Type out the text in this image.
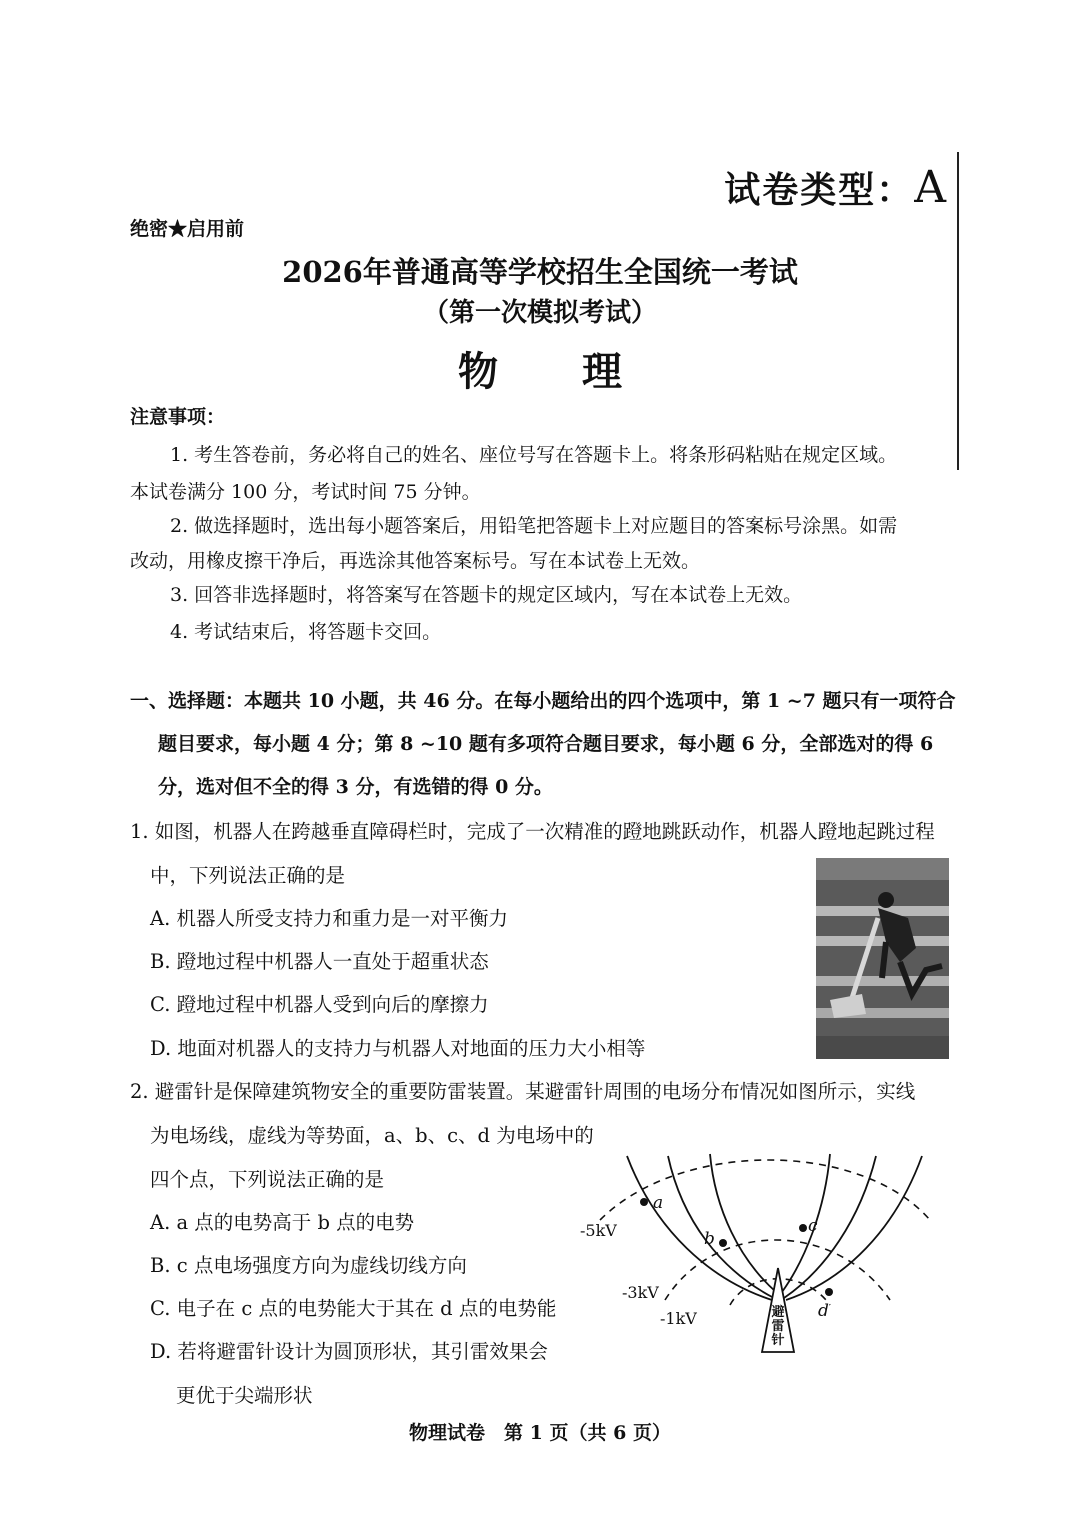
试卷类型：A
绝密★启用前
2026年普通高等学校招生全国统一考试
（第一次模拟考试）
物理
注意事项：
1. 考生答卷前，务必将自己的姓名、座位号写在答题卡上。将条形码粘贴在规定区域。
本试卷满分 100 分，考试时间 75 分钟。
2. 做选择题时，选出每小题答案后，用铅笔把答题卡上对应题目的答案标号涂黑。如需
改动，用橡皮擦干净后，再选涂其他答案标号。写在本试卷上无效。
3. 回答非选择题时，将答案写在答题卡的规定区域内，写在本试卷上无效。
4. 考试结束后，将答题卡交回。
一、选择题：本题共 10 小题，共 46 分。在每小题给出的四个选项中，第 1 ~7 题只有一项符合
题目要求，每小题 4 分；第 8 ~10 题有多项符合题目要求，每小题 6 分，全部选对的得 6
分，选对但不全的得 3 分，有选错的得 0 分。
1. 如图，机器人在跨越垂直障碍栏时，完成了一次精准的蹬地跳跃动作，机器人蹬地起跳过程
中，下列说法正确的是
A. 机器人所受支持力和重力是一对平衡力
B. 蹬地过程中机器人一直处于超重状态
C. 蹬地过程中机器人受到向后的摩擦力
D. 地面对机器人的支持力与机器人对地面的压力大小相等
2. 避雷针是保障建筑物安全的重要防雷装置。某避雷针周围的电场分布情况如图所示，实线
为电场线，虚线为等势面，a、b、c、d 为电场中的
四个点，下列说法正确的是
A. a 点的电势高于 b 点的电势
B. c 点电场强度方向为虚线切线方向
C. 电子在 c 点的电势能大于其在 d 点的电势能
D. 若将避雷针设计为圆顶形状，其引雷效果会
更优于尖端形状
避
雷
针
a
b
c
d
-5kV
-3kV
-1kV
物理试卷　第 1 页（共 6 页）
